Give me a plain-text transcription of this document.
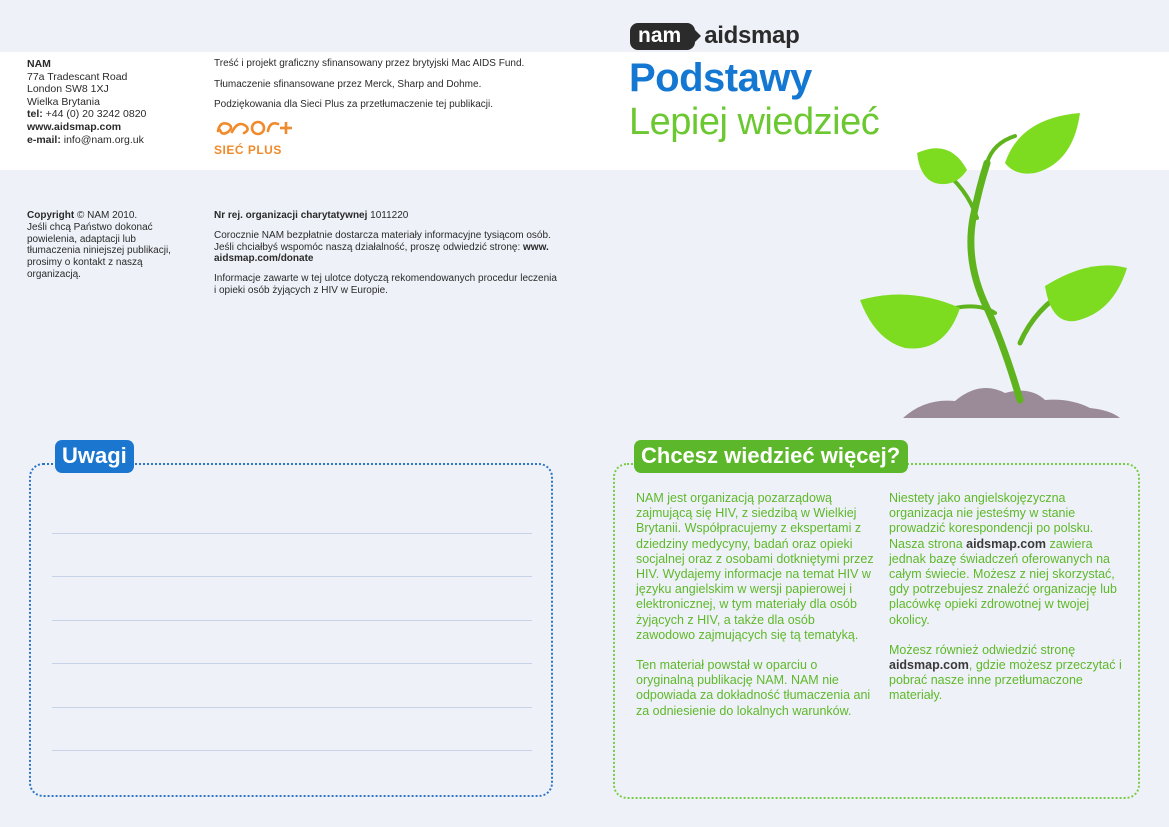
NAM
77a Tradescant Road
London SW8 1XJ
Wielka Brytania
tel: +44 (0) 20 3242 0820
www.aidsmap.com
e-mail: info@nam.org.uk
Treść i projekt graficzny sfinansowany przez brytyjski Mac AIDS Fund.
Tłumaczenie sfinansowane przez Merck, Sharp and Dohme.
Podziękowania dla Sieci Plus za przetłumaczenie tej publikacji.
SIEĆ PLUS
Copyright © NAM 2010.
Jeśli chcą Państwo dokonać powielenia, adaptacji lub tłumaczenia niniejszej publikacji, prosimy o kontakt z naszą organizacją.
Nr rej. organizacji charytatywnej 1011220
Corocznie NAM bezpłatnie dostarcza materiały informacyjne tysiącom osób. Jeśli chciałbyś wspomóc naszą działalność, proszę odwiedzić stronę: www. aidsmap.com/donate
Informacje zawarte w tej ulotce dotyczą rekomendowanych procedur leczenia i opieki osób żyjących z HIV w Europie.
nam aidsmap
Podstawy
Lepiej wiedzieć
Uwagi	Chcesz wiedzieć więcej?

NAM jest organizacją pozarządową zajmującą się HIV, z siedzibą w Wielkiej Brytanii. Współpracujemy z ekspertami z dziedziny medycyny, badań oraz opieki socjalnej oraz z osobami dotkniętymi przez HIV. Wydajemy informacje na temat HIV w języku angielskim w wersji papierowej i elektronicznej, w tym materiały dla osób żyjących z HIV, a także dla osób zawodowo zajmujących się tą tematyką.

Ten materiał powstał w oparciu o oryginalną publikację NAM. NAM nie odpowiada za dokładność tłumaczenia ani za odniesienie do lokalnych warunków.

Niestety jako angielskojęzyczna organizacja nie jesteśmy w stanie prowadzić korespondencji po polsku. Nasza strona aidsmap.com zawiera jednak bazę świadczeń oferowanych na całym świecie. Możesz z niej skorzystać, gdy potrzebujesz znaleźć organizację lub placówkę opieki zdrowotnej w twojej okolicy.

Możesz również odwiedzić stronę aidsmap.com, gdzie możesz przeczytać i pobrać nasze inne przetłumaczone materiały.
